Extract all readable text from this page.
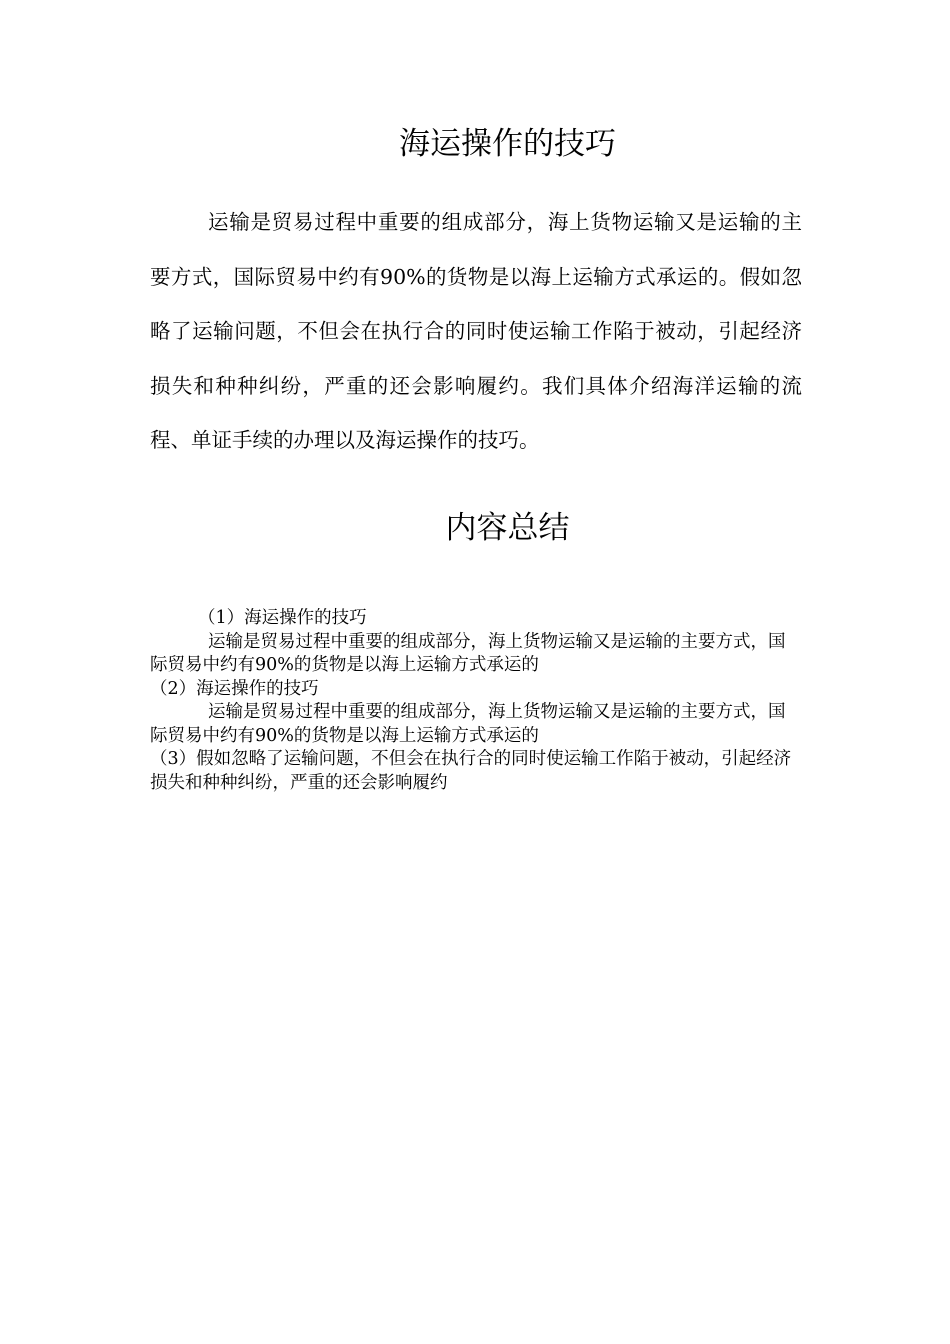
海运操作的技巧

运输是贸易过程中重要的组成部分，海上货物运输又是运输的主要方式，国际贸易中约有90%的货物是以海上运输方式承运的。假如忽略了运输问题，不但会在执行合的同时使运输工作陷于被动，引起经济损失和种种纠纷，严重的还会影响履约。我们具体介绍海洋运输的流程、单证手续的办理以及海运操作的技巧。

内容总结

（1）海运操作的技巧

运输是贸易过程中重要的组成部分，海上货物运输又是运输的主要方式，国际贸易中约有90%的货物是以海上运输方式承运的

（2）海运操作的技巧

运输是贸易过程中重要的组成部分，海上货物运输又是运输的主要方式，国际贸易中约有90%的货物是以海上运输方式承运的

（3）假如忽略了运输问题，不但会在执行合的同时使运输工作陷于被动，引起经济损失和种种纠纷，严重的还会影响履约
